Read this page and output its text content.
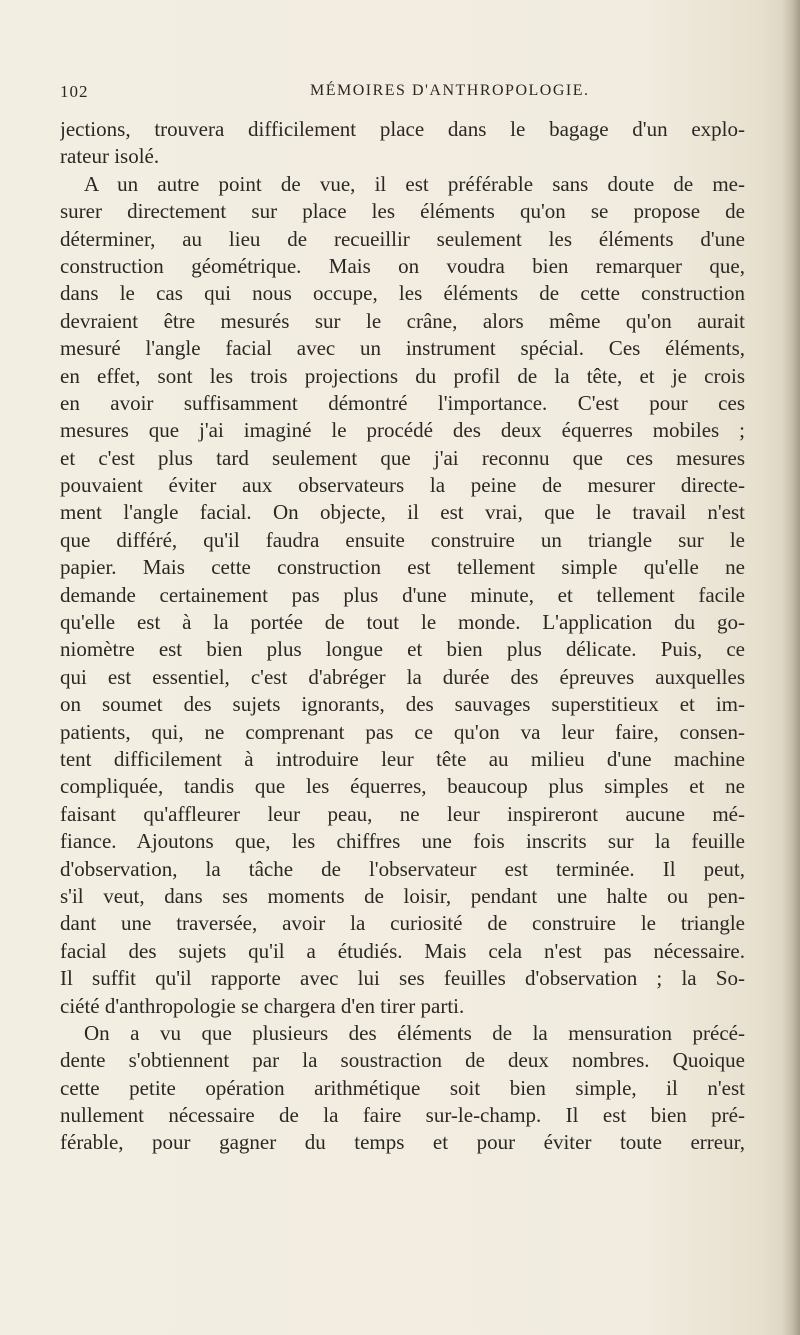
102	MÉMOIRES D'ANTHROPOLOGIE.
jections, trouvera difficilement place dans le bagage d'un explo-
rateur isolé.
A un autre point de vue, il est préférable sans doute de me-
surer directement sur place les éléments qu'on se propose de
déterminer, au lieu de recueillir seulement les éléments d'une
construction géométrique. Mais on voudra bien remarquer que,
dans le cas qui nous occupe, les éléments de cette construction
devraient être mesurés sur le crâne, alors même qu'on aurait
mesuré l'angle facial avec un instrument spécial. Ces éléments,
en effet, sont les trois projections du profil de la tête, et je crois
en avoir suffisamment démontré l'importance. C'est pour ces
mesures que j'ai imaginé le procédé des deux équerres mobiles ;
et c'est plus tard seulement que j'ai reconnu que ces mesures
pouvaient éviter aux observateurs la peine de mesurer directe-
ment l'angle facial. On objecte, il est vrai, que le travail n'est
que différé, qu'il faudra ensuite construire un triangle sur le
papier. Mais cette construction est tellement simple qu'elle ne
demande certainement pas plus d'une minute, et tellement facile
qu'elle est à la portée de tout le monde. L'application du go-
niomètre est bien plus longue et bien plus délicate. Puis, ce
qui est essentiel, c'est d'abréger la durée des épreuves auxquelles
on soumet des sujets ignorants, des sauvages superstitieux et im-
patients, qui, ne comprenant pas ce qu'on va leur faire, consen-
tent difficilement à introduire leur tête au milieu d'une machine
compliquée, tandis que les équerres, beaucoup plus simples et ne
faisant qu'affleurer leur peau, ne leur inspireront aucune mé-
fiance. Ajoutons que, les chiffres une fois inscrits sur la feuille
d'observation, la tâche de l'observateur est terminée. Il peut,
s'il veut, dans ses moments de loisir, pendant une halte ou pen-
dant une traversée, avoir la curiosité de construire le triangle
facial des sujets qu'il a étudiés. Mais cela n'est pas nécessaire.
Il suffit qu'il rapporte avec lui ses feuilles d'observation ; la So-
ciété d'anthropologie se chargera d'en tirer parti.
On a vu que plusieurs des éléments de la mensuration précé-
dente s'obtiennent par la soustraction de deux nombres. Quoique
cette petite opération arithmétique soit bien simple, il n'est
nullement nécessaire de la faire sur-le-champ. Il est bien pré-
férable, pour gagner du temps et pour éviter toute erreur,
